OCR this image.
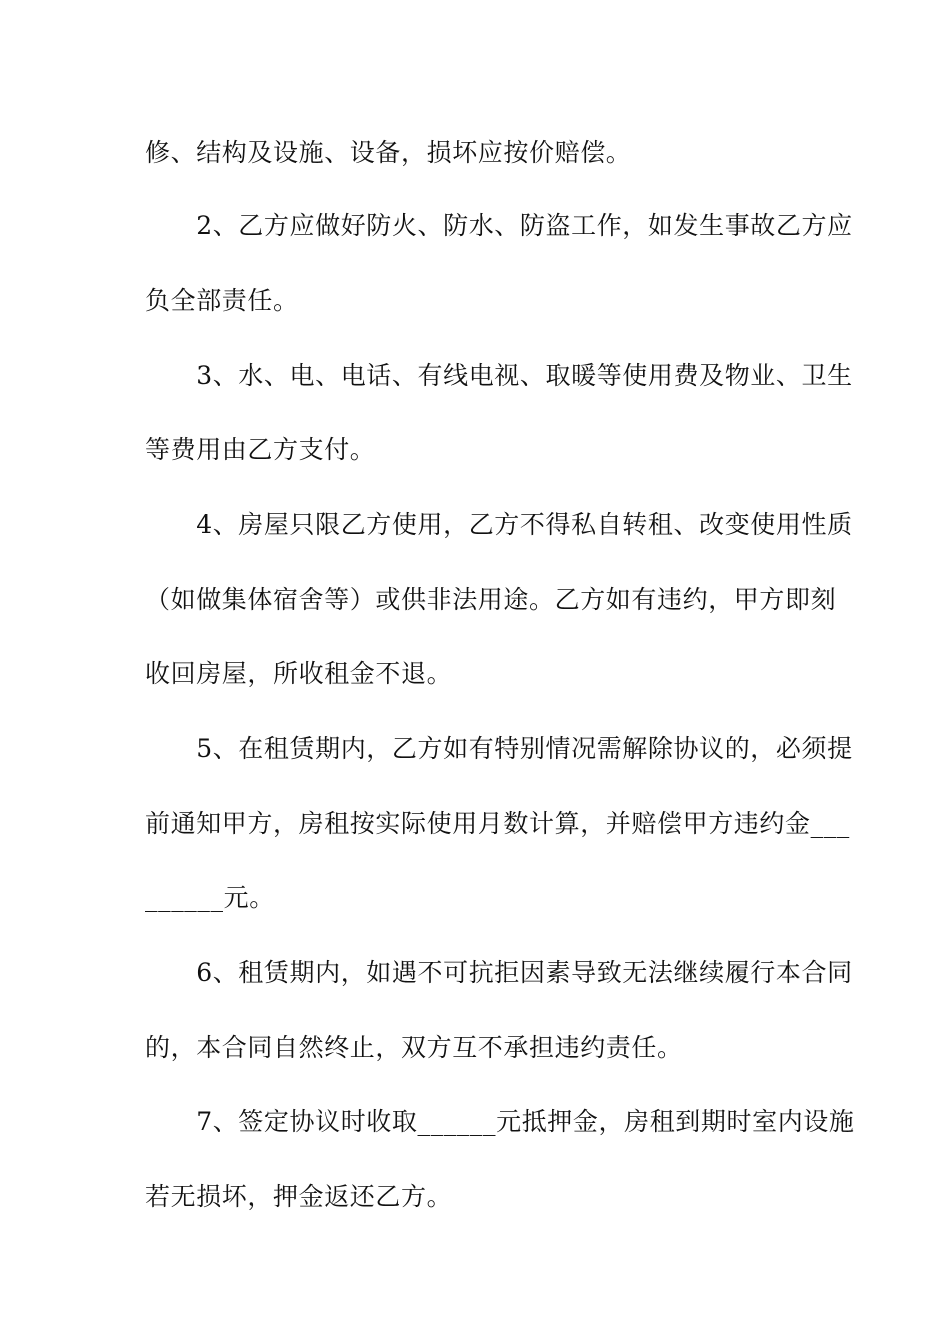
修、结构及设施、设备，损坏应按价赔偿。
　　2、乙方应做好防火、防水、防盗工作，如发生事故乙方应
负全部责任。
　　3、水、电、电话、有线电视、取暖等使用费及物业、卫生
等费用由乙方支付。
　　4、房屋只限乙方使用，乙方不得私自转租、改变使用性质
（如做集体宿舍等）或供非法用途。乙方如有违约，甲方即刻
收回房屋，所收租金不退。
　　5、在租赁期内，乙方如有特别情况需解除协议的，必须提
前通知甲方，房租按实际使用月数计算，并赔偿甲方违约金___
______元。
　　6、租赁期内，如遇不可抗拒因素导致无法继续履行本合同
的，本合同自然终止，双方互不承担违约责任。
　　7、签定协议时收取______元抵押金，房租到期时室内设施
若无损坏，押金返还乙方。
